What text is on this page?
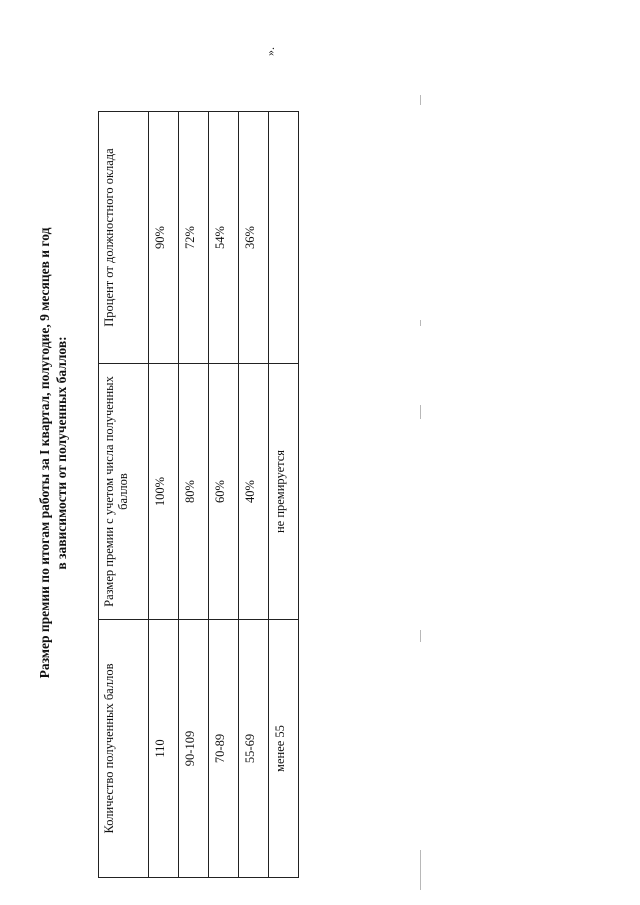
Размер премии по итогам работы за I квартал, полугодие, 9 месяцев и год в зависимости от полученных баллов:
Количество полученных баллов	Размер премии с учетом числа полученных баллов	Процент от должностного оклада
110	100%	90%
90-109	80%	72%
70-89	60%	54%
55-69	40%	36%
менее 55	не премируется	
».
